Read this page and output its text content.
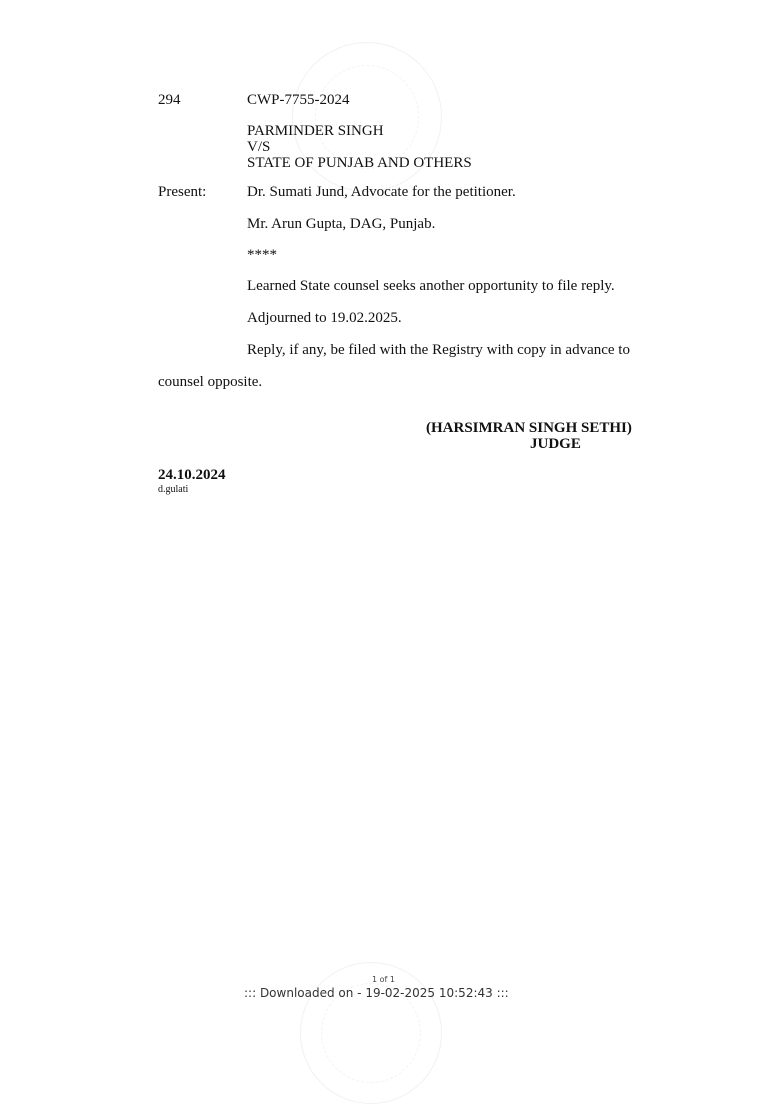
294	CWP-7755-2024
PARMINDER SINGH
V/S
STATE OF PUNJAB AND OTHERS
Present:	Dr. Sumati Jund, Advocate for the petitioner.
Mr. Arun Gupta, DAG, Punjab.
****
Learned State counsel seeks another opportunity to file reply.
Adjourned to 19.02.2025.
Reply, if any, be filed with the Registry with copy in advance to
counsel opposite.
(HARSIMRAN SINGH SETHI)
JUDGE
24.10.2024
d.gulati
1 of 1
::: Downloaded on - 19-02-2025 10:52:43 :::
